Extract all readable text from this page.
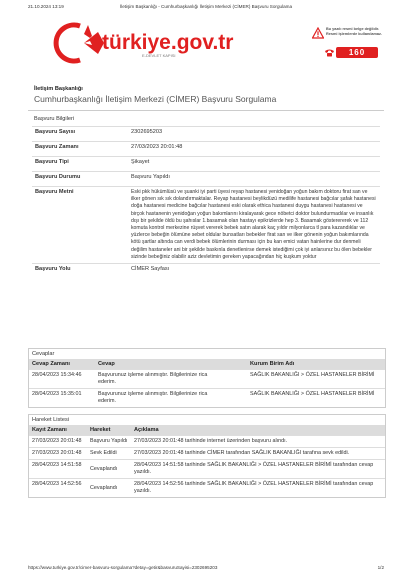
21.10.2024 13:19	İletişim Başkanlığı - Cumhurbaşkanlığı İletişim Merkezi (CİMER) Başvuru Sorgulama
türkiye.gov.tr
E-DEVLET KAPISI
Bu yazılı resmi belge değildir. Resmi işlemlerde kullanılamaz.
160
İletişim Başkanlığı
Cumhurbaşkanlığı İletişim Merkezi (CİMER) Başvuru Sorgulama
Başvuru Bilgileri
Başvuru Sayısı	2302695203
Başvuru Zamanı	27/03/2023 20:01:48
Başvuru Tipi	Şikayet
Başvuru Durumu	Başvuru Yapıldı
Başvuru Metni	Eski pkk hükümlüsü ve şuanki iyi parti üyesi reyap hastanesi yenidoğan yoğun bakım doktoru firat san ve ilker gönen sık sık dolandırmaktalar. Reyap hastanesi beylikdüzü medilife hastanesi bağcılar şafak hastanesi doğa hastanesi medicine bağcılar hastanesi eski olarak ethica hastanesi duygu hastanesi hastanesi ve birçok hastanenin yenidoğan yoğun bakımlarını kiralayarak gece nöbetci doktor bulundurmadılar ve insanlık dışı bir şekilde öldü bu şahıslar 1.basamak olan hastayı epikrizlerde hep 3. Basamak gösterererek ve 112 komuta kontrol merkezine rüşvet vererek bebek satın alarak kaç yıldır milyonlarca tl para kazandıklar ve yüzlerce bebeğin ölümüne sebet oldular bunsatları bebekler firat san ve ilker gönenin yoğun bakımlarında kötü şartlar altında can verdi bebek ölümlerinin durması için bu kan emici vatan hainlerine dur denmeli değilim hastaneler ani bir şekilde baskınla denetlenirse demek istediğimi çok iyi anlarsınız bu ölen bebekler sizinde bebeğiniz olabilir aziz devletimin gereken yapacağından hiç kuşkum yoktur
Başvuru Yolu	CİMER Sayfası
Cevaplar
Cevap Zamanı	Cevap		Kurum Birim Adı
28/04/2023 15:34:46	Başvurunuz işleme alınmıştır. Bilgilerinize rica ederim.		SAĞLIK BAKANLIĞI > ÖZEL HASTANELER BİRİMİ
28/04/2023 15:35:01	Başvurunuz işleme alınmıştır. Bilgilerinize rica ederim.		SAĞLIK BAKANLIĞI > ÖZEL HASTANELER BİRİMİ
Hareket Listesi
Kayıt Zamanı	Hareket	Açıklama
27/03/2023 20:01:48	Başvuru Yapıldı	27/03/2023 20:01:48 tarihinde internet üzerinden başvuru alındı.
27/03/2023 20:01:48	Sevk Edildi	27/03/2023 20:01:48 tarihinde CİMER tarafından SAĞLIK BAKANLIĞI tarafına sevk edildi.
28/04/2023 14:51:58	Cevaplandı	28/04/2023 14:51:58 tarihinde SAĞLIK BAKANLIĞI > ÖZEL HASTANELER BİRİMİ tarafından cevap yazıldı.
28/04/2023 14:52:56	Cevaplandı	28/04/2023 14:52:56 tarihinde SAĞLIK BAKANLIĞI > ÖZEL HASTANELER BİRİMİ tarafından cevap yazıldı.
https://www.turkiye.gov.tr/cimer-basvuru-sorgulama?detay=getir&basvuruSayisi=2302695203	1/2
